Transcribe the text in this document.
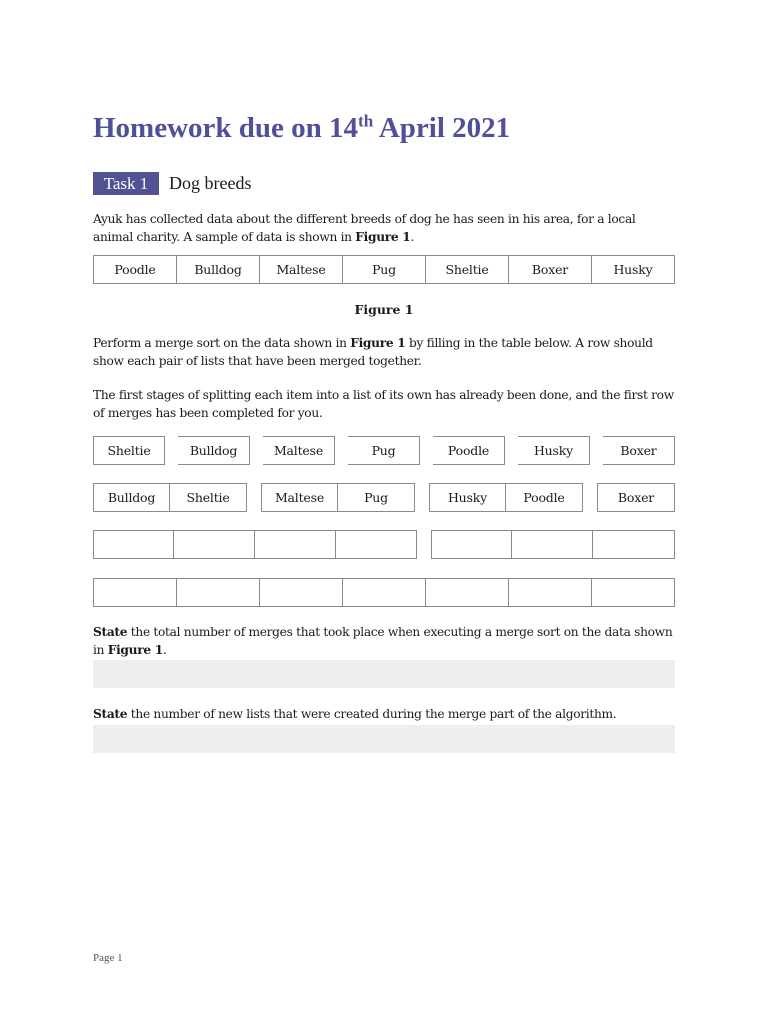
Homework due on 14th April 2021
Task 1	Dog breeds

Ayuk has collected data about the different breeds of dog he has seen in his area, for a local animal charity. A sample of data is shown in Figure 1.

Poodle	Bulldog	Maltese	Pug	Sheltie	Boxer	Husky
Figure 1

Perform a merge sort on the data shown in Figure 1 by filling in the table below. A row should show each pair of lists that have been merged together.

The first stages of splitting each item into a list of its own has already been done, and the first row of merges has been completed for you.

Sheltie	Bulldog	Maltese	Pug	Poodle	Husky	Boxer
Bulldog	Sheltie	Maltese	Pug	Husky	Poodle	Boxer

State the total number of merges that took place when executing a merge sort on the data shown in Figure 1.

State the number of new lists that were created during the merge part of the algorithm.

Page 1
